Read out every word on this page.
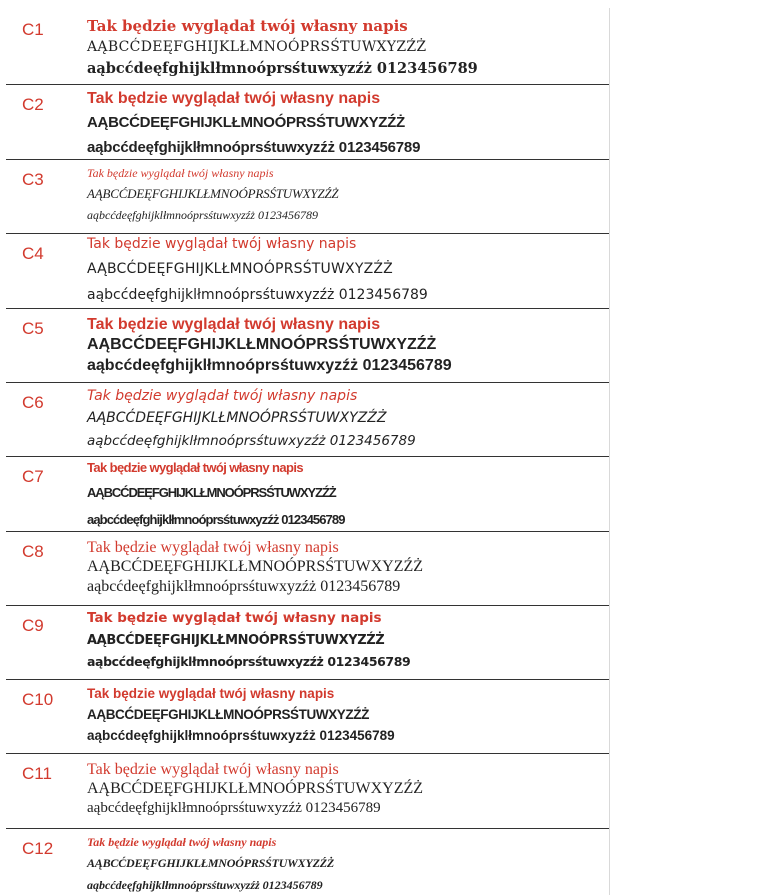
C1	Tak będzie wyglądał twój własny napis
AĄBCĆDEĘFGHIJKLŁMNOÓPRSŚTUWXYZŹŻ
aąbcćdeęfghijklłmnoóprsśtuwxyzźż 0123456789
C2	Tak będzie wyglądał twój własny napis
AĄBCĆDEĘFGHIJKLŁMNOÓPRSŚTUWXYZŹŻ
aąbcćdeęfghijklłmnoóprsśtuwxyzźż 0123456789
C3	Tak będzie wyglądał twój własny napis
AĄBCĆDEĘFGHIJKLŁMNOÓPRSŚTUWXYZŹŻ
aąbcćdeęfghijklłmnoóprsśtuwxyzźż 0123456789
C4	Tak będzie wyglądał twój własny napis
AĄBCĆDEĘFGHIJKLŁMNOÓPRSŚTUWXYZŹŻ
aąbcćdeęfghijklłmnoóprsśtuwxyzźż 0123456789
C5	Tak będzie wyglądał twój własny napis
AĄBCĆDEĘFGHIJKLŁMNOÓPRSŚTUWXYZŹŻ
aąbcćdeęfghijklłmnoóprsśtuwxyzźż 0123456789
C6	Tak będzie wyglądał twój własny napis
AĄBCĆDEĘFGHIJKLŁMNOÓPRSŚTUWXYZŹŻ
aąbcćdeęfghijklłmnoóprsśtuwxyzźż 0123456789
C7	Tak będzie wyglądał twój własny napis
AĄBCĆDEĘFGHIJKLŁMNOÓPRSŚTUWXYZŹŻ
aąbcćdeęfghijklłmnoóprsśtuwxyzźż 0123456789
C8	Tak będzie wyglądał twój własny napis
AĄBCĆDEĘFGHIJKLŁMNOÓPRSŚTUWXYZŹŻ
aąbcćdeęfghijklłmnoóprsśtuwxyzźż 0123456789
C9	Tak będzie wyglądał twój własny napis
AĄBCĆDEĘFGHIJKLŁMNOÓPRSŚTUWXYZŹŻ
aąbcćdeęfghijklłmnoóprsśtuwxyzźż 0123456789
C10	Tak będzie wyglądał twój własny napis
AĄBCĆDEĘFGHIJKLŁMNOÓPRSŚTUWXYZŹŻ
aąbcćdeęfghijklłmnoóprsśtuwxyzźż 0123456789
C11 Tak będzie wyglądał twój własny napis
AĄBCĆDEĘFGHIJKLŁMNOÓPRSŚTUWXYZŹŻ
aąbcćdeęfghijklłmnoóprsśtuwxyzźż 0123456789
C12	Tak będzie wyglądał twój własny napis
AĄBCĆDEĘFGHIJKLŁMNOÓPRSŚTUWXYZŹŻ
aąbcćdeęfghijklłmnoóprsśtuwxyzźż 0123456789
